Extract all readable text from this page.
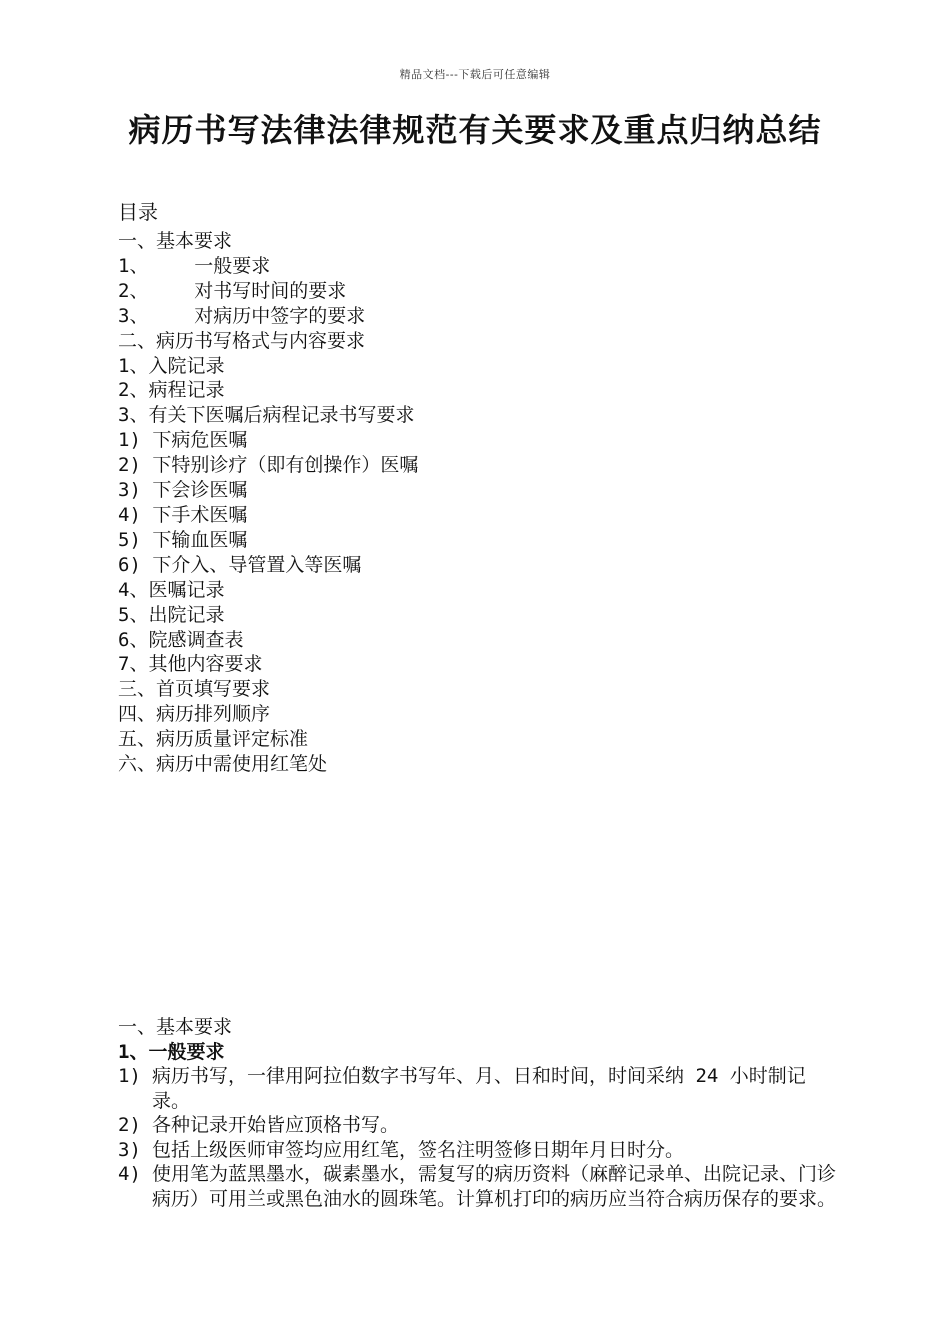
精品文档---下载后可任意编辑
病历书写法律法律规范有关要求及重点归纳总结
目录
一、基本要求
1、    一般要求
2、    对书写时间的要求
3、    对病历中签字的要求
二、病历书写格式与内容要求
1、入院记录
2、病程记录
3、有关下医嘱后病程记录书写要求
1) 下病危医嘱
2) 下特别诊疗（即有创操作）医嘱
3) 下会诊医嘱
4) 下手术医嘱
5) 下输血医嘱
6) 下介入、导管置入等医嘱
4、医嘱记录
5、出院记录
6、院感调查表
7、其他内容要求
三、首页填写要求
四、病历排列顺序
五、病历质量评定标准
六、病历中需使用红笔处
一、基本要求
1、一般要求
1) 病历书写，一律用阿拉伯数字书写年、月、日和时间，时间采纳 24 小时制记录。
2) 各种记录开始皆应顶格书写。
3) 包括上级医师审签均应用红笔，签名注明签修日期年月日时分。
4) 使用笔为蓝黑墨水，碳素墨水，需复写的病历资料（麻醉记录单、出院记录、门诊病历）可用兰或黑色油水的圆珠笔。计算机打印的病历应当符合病历保存的要求。
